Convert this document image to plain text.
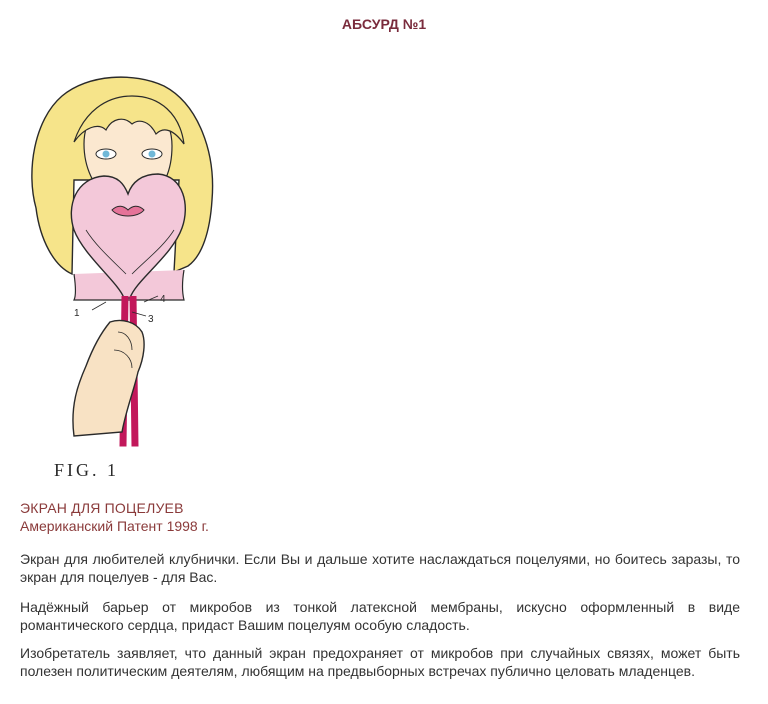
АБСУРД №1
1
4
3
FIG. 1
ЭКРАН ДЛЯ ПОЦЕЛУЕВ
Американский Патент 1998 г.
Экран для любителей клубнички. Если Вы и дальше хотите наслаждаться поцелуями, но боитесь заразы, то экран для поцелуев - для Вас.
Надёжный барьер от микробов из тонкой латексной мембраны, искусно оформленный в виде романтического сердца, придаст Вашим поцелуям особую сладость.
Изобретатель заявляет, что данный экран предохраняет от микробов при случайных связях, может быть полезен политическим деятелям, любящим на предвыборных встречах публично целовать младенцев.
